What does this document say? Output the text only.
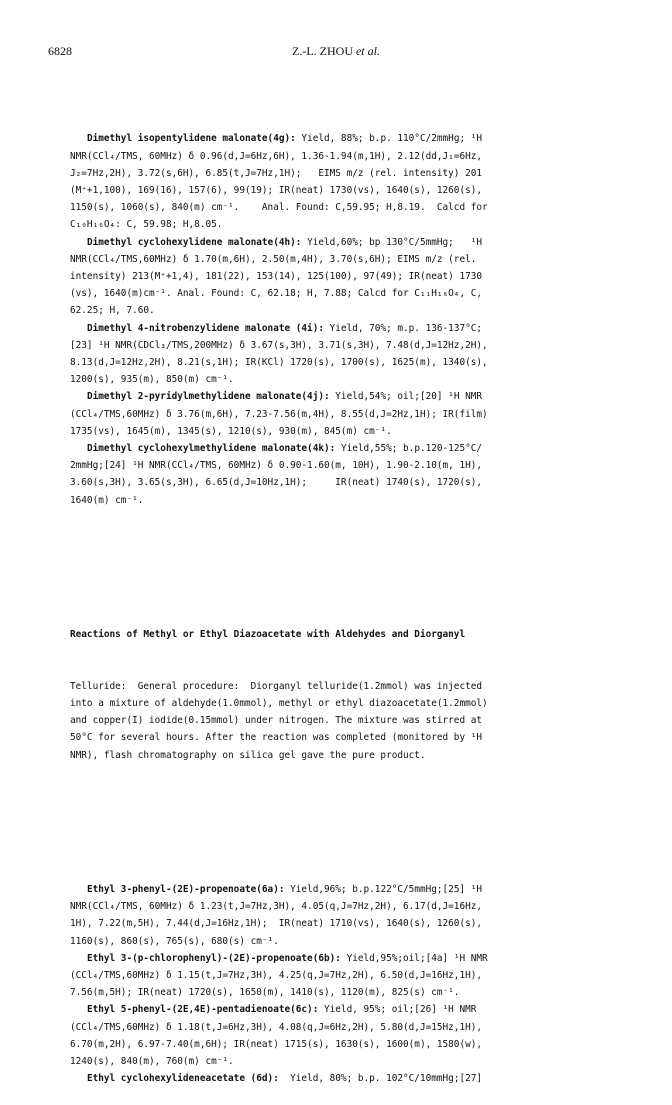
6828	Z.-L. ZHOU et al.

Dimethyl isopentylidene malonate(4g): Yield, 88%; b.p. 110°C/2mmHg; ¹H
NMR(CCl₄/TMS, 60MHz) δ 0.96(d,J=6Hz,6H), 1.36-1.94(m,1H), 2.12(dd,J₁=6Hz,
J₂=7Hz,2H), 3.72(s,6H), 6.85(t,J=7Hz,1H);   EIMS m/z (rel. intensity) 201
(M⁺+1,100), 169(16), 157(6), 99(19); IR(neat) 1730(vs), 1640(s), 1260(s),
1150(s), 1060(s), 840(m) cm⁻¹.    Anal. Found: C,59.95; H,8.19.  Calcd for
C₁₀H₁₆O₄: C, 59.98; H,8.05.
Dimethyl cyclohexylidene malonate(4h): Yield,60%; bp 130°C/5mmHg;   ¹H
NMR(CCl₄/TMS,60MHz) δ 1.70(m,6H), 2.50(m,4H), 3.70(s,6H); EIMS m/z (rel.
intensity) 213(M⁺+1,4), 181(22), 153(14), 125(100), 97(49); IR(neat) 1730
(vs), 1640(m)cm⁻¹. Anal. Found: C, 62.18; H, 7.88; Calcd for C₁₁H₁₆O₄, C,
62.25; H, 7.60.
Dimethyl 4-nitrobenzylidene malonate (4i): Yield, 70%; m.p. 136-137°C;
[23] ¹H NMR(CDCl₃/TMS,200MHz) δ 3.67(s,3H), 3.71(s,3H), 7.48(d,J=12Hz,2H),
8.13(d,J=12Hz,2H), 8.21(s,1H); IR(KCl) 1720(s), 1700(s), 1625(m), 1340(s),
1200(s), 935(m), 850(m) cm⁻¹.
Dimethyl 2-pyridylmethylidene malonate(4j): Yield,54%; oil;[20] ¹H NMR
(CCl₄/TMS,60MHz) δ 3.76(m,6H), 7.23-7.56(m,4H), 8.55(d,J=2Hz,1H); IR(film)
1735(vs), 1645(m), 1345(s), 1210(s), 930(m), 845(m) cm⁻¹.
Dimethyl cyclohexylmethylidene malonate(4k): Yield,55%; b.p.120-125°C/
2mmHg;[24] ¹H NMR(CCl₄/TMS, 60MHz) δ 0.90-1.60(m, 10H), 1.90-2.10(m, 1H),
3.60(s,3H), 3.65(s,3H), 6.65(d,J=10Hz,1H);     IR(neat) 1740(s), 1720(s),
1640(m) cm⁻¹.

Reactions of Methyl or Ethyl Diazoacetate with Aldehydes and Diorganyl

Telluride:  General procedure:  Diorganyl telluride(1.2mmol) was injected
into a mixture of aldehyde(1.0mmol), methyl or ethyl diazoacetate(1.2mmol)
and copper(I) iodide(0.15mmol) under nitrogen. The mixture was stirred at
50°C for several hours. After the reaction was completed (monitored by ¹H
NMR), flash chromatography on silica gel gave the pure product.

Ethyl 3-phenyl-(2E)-propenoate(6a): Yield,96%; b.p.122°C/5mmHg;[25] ¹H
NMR(CCl₄/TMS, 60MHz) δ 1.23(t,J=7Hz,3H), 4.05(q,J=7Hz,2H), 6.17(d,J=16Hz,
1H), 7.22(m,5H), 7.44(d,J=16Hz,1H);  IR(neat) 1710(vs), 1640(s), 1260(s),
1160(s), 860(s), 765(s), 680(s) cm⁻¹.
Ethyl 3-(p-chlorophenyl)-(2E)-propenoate(6b): Yield,95%;oil;[4a] ¹H NMR
(CCl₄/TMS,60MHz) δ 1.15(t,J=7Hz,3H), 4.25(q,J=7Hz,2H), 6.50(d,J=16Hz,1H),
7.56(m,5H); IR(neat) 1720(s), 1650(m), 1410(s), 1120(m), 825(s) cm⁻¹.
Ethyl 5-phenyl-(2E,4E)-pentadienoate(6c): Yield, 95%; oil;[26] ¹H NMR
(CCl₄/TMS,60MHz) δ 1.18(t,J=6Hz,3H), 4.08(q,J=6Hz,2H), 5.80(d,J=15Hz,1H),
6.70(m,2H), 6.97-7.40(m,6H); IR(neat) 1715(s), 1630(s), 1600(m), 1580(w),
1240(s), 840(m), 760(m) cm⁻¹.
Ethyl cyclohexylideneacetate (6d):  Yield, 80%; b.p. 102°C/10mmHg;[27]
